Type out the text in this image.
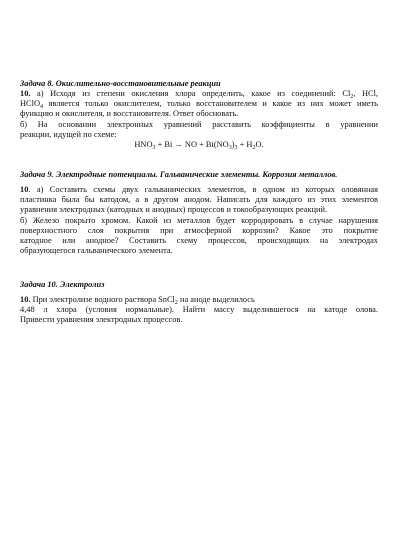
Задача 8. Окислительно-восстановительные реакции

10. а) Исходя из степени окисления хлора определить, какое из соединений: $Cl_2$, HCl,

HClO$_4$ является только окислителем, только восстановителем и какое из них может иметь

функцию и окислителя, и восстановителя. Ответ обосновать.

б) На основании электронных уравнений расставить коэффициенты в уравнении

реакции, идущей по схеме:

$HNO_3 + Bi$ → NO + $Bi(NO_3)_3 + H_2O$.

Задача 9. Электродные потенциалы. Гальванические элементы. Коррозия металлов.

10. а) Составить схемы двух гальванических элементов, в одном из которых оловянная

пластинка была бы катодом, а в другом анодом. Написать для каждого из этих элементов

уравнения электродных (катодных и анодных) процессов и токообразующих реакций.

б) Железо покрыто хромом. Какой из металлов будет корродировать в случае нарушения

поверхностного слоя покрытия при атмосферной коррозии? Какое это покрытие

катодное или анодное? Составить схему процессов, происходящих на электродах

образующегося гальванического элемента.

Задача 10. Электролиз

10. При электролизе водного раствора SnCl$_2$ на аноде выделилось

4,48 л хлора (условия нормальные). Найти массу выделившегося на катоде олова.

Привести уравнения электродных процессов.
